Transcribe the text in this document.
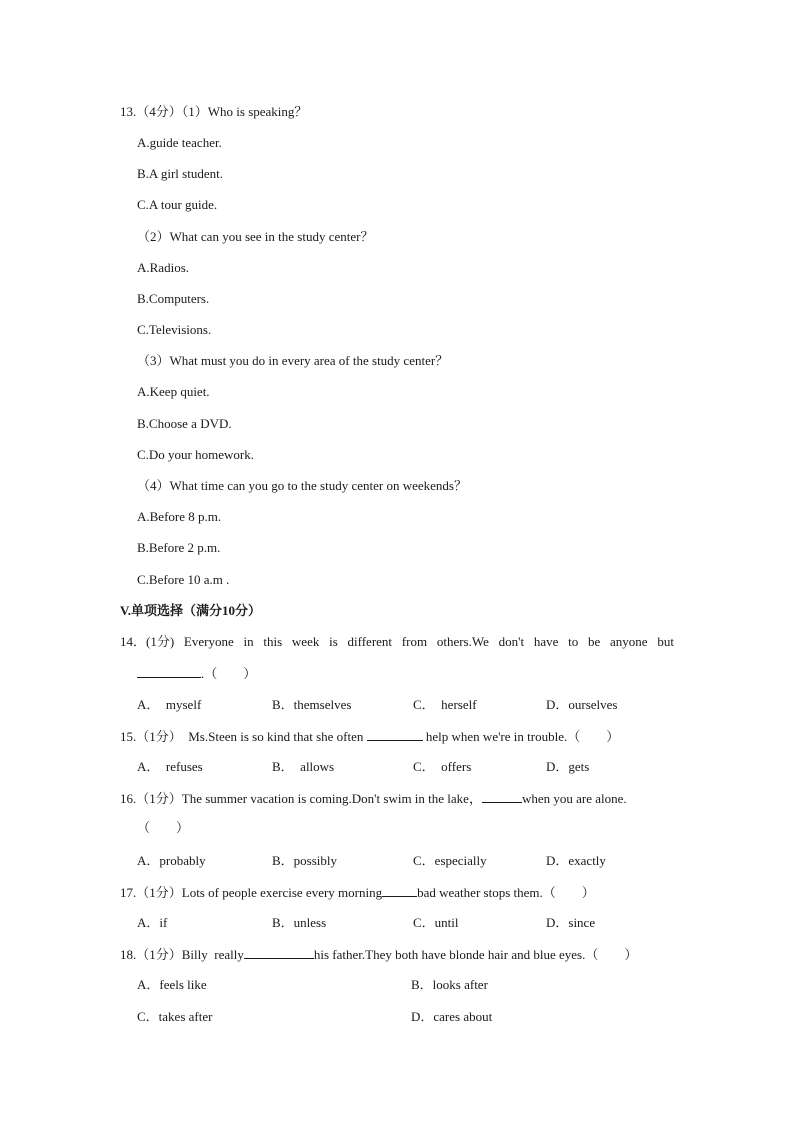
13.（4分）（1）Who is speaking？
A.guide teacher.
B.A girl student.
C.A tour guide.
（2）What can you see in the study center？
A.Radios.
B.Computers.
C.Televisions.
（3）What must you do in every area of the study center？
A.Keep quiet.
B.Choose a DVD.
C.Do your homework.
（4）What time can you go to the study center on weekends？
A.Before 8 p.m.
B.Before 2 p.m.
C.Before 10 a.m .
V.单项选择（满分10分）
14．(1分) Everyone in this week is different from others.We don't have to be anyone but
.（　　）
A．  myself	B．themselves	C．  herself	D．ourselves
15.（1分）  Ms.Steen is so kind that she often	help when we're in trouble.（　　）
A．  refuses	B．  allows	C．  offers	D．gets
16.（1分）The summer vacation is coming.Don't swim in the lake，	when you are alone.
（　　）
A．probably	B．possibly	C．especially	D．exactly
17.（1分）Lots of people exercise every morning	bad weather stops them.（　　）
A．if	B．unless	C．until	D．since
18.（1分）Billy  really	his father.They both have blonde hair and blue eyes.（　　）
A．feels like	B．looks after
C．takes after	D．cares about
